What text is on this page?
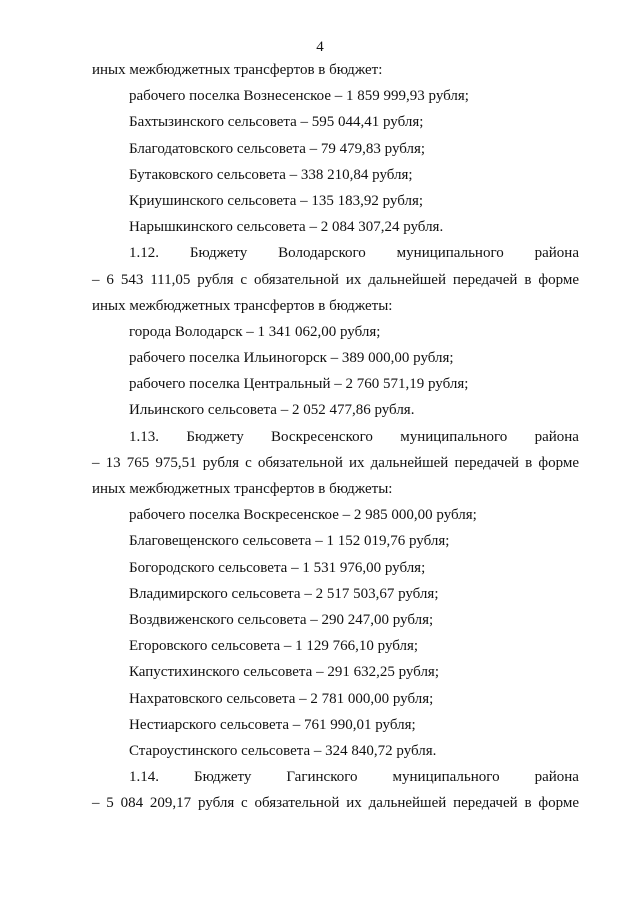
4
иных межбюджетных трансфертов в бюджет:
рабочего поселка Вознесенское – 1 859 999,93 рубля;
Бахтызинского сельсовета – 595 044,41 рубля;
Благодатовского сельсовета – 79 479,83 рубля;
Бутаковского сельсовета – 338 210,84 рубля;
Криушинского сельсовета – 135 183,92 рубля;
Нарышкинского сельсовета – 2 084 307,24 рубля.
1.12. Бюджету Володарского муниципального района
– 6 543 111,05 рубля с обязательной их дальнейшей передачей в форме
иных межбюджетных трансфертов в бюджеты:
города Володарск – 1 341 062,00 рубля;
рабочего поселка Ильиногорск – 389 000,00 рубля;
рабочего поселка Центральный – 2 760 571,19 рубля;
Ильинского сельсовета – 2 052 477,86 рубля.
1.13. Бюджету Воскресенского муниципального района
– 13 765 975,51 рубля с обязательной их дальнейшей передачей в форме
иных межбюджетных трансфертов в бюджеты:
рабочего поселка Воскресенское – 2 985 000,00 рубля;
Благовещенского сельсовета – 1 152 019,76 рубля;
Богородского сельсовета – 1 531 976,00 рубля;
Владимирского сельсовета – 2 517 503,67 рубля;
Воздвиженского сельсовета – 290 247,00 рубля;
Егоровского сельсовета – 1 129 766,10 рубля;
Капустихинского сельсовета – 291 632,25 рубля;
Нахратовского сельсовета – 2 781 000,00 рубля;
Нестиарского сельсовета – 761 990,01 рубля;
Староустинского сельсовета – 324 840,72 рубля.
1.14. Бюджету Гагинского муниципального района
– 5 084 209,17 рубля с обязательной их дальнейшей передачей в форме
